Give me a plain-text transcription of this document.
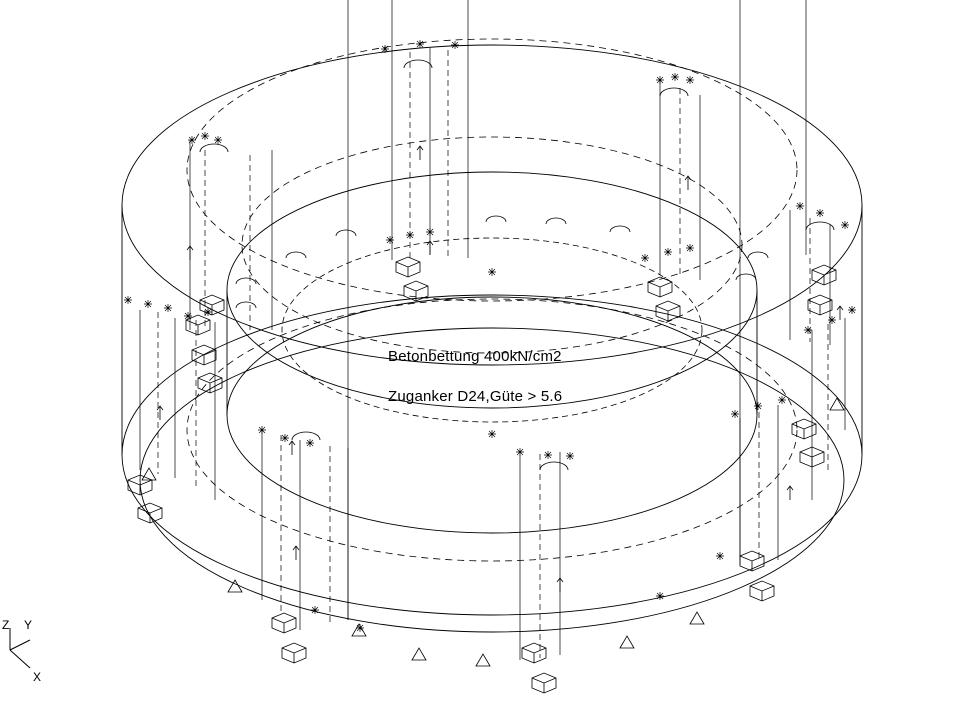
Betonbettung 400kN/cm2
Zuganker D24,Güte > 5.6
Z Y
X
